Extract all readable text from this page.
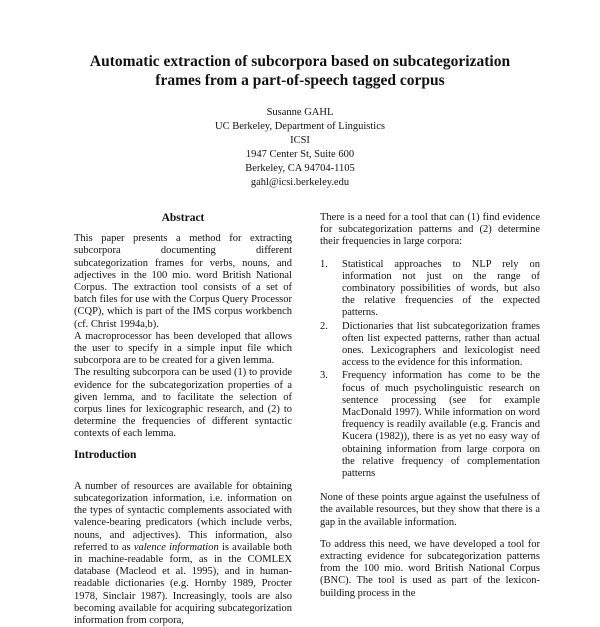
Automatic extraction of subcorpora based on subcategorization
frames from a part-of-speech tagged corpus
Susanne GAHL
UC Berkeley, Department of Linguistics
ICSI
1947 Center St, Suite 600
Berkeley, CA 94704-1105
gahl@icsi.berkeley.edu
Abstract

This paper presents a method for extracting subcorpora documenting different subcategorization frames for verbs, nouns, and adjectives in the 100 mio. word British National Corpus. The extraction tool consists of a set of batch files for use with the Corpus Query Processor (CQP), which is part of the IMS corpus workbench (cf. Christ 1994a,b).

A macroprocessor has been developed that allows the user to specify in a simple input file which subcorpora are to be created for a given lemma.

The resulting subcorpora can be used (1) to provide evidence for the subcategorization properties of a given lemma, and to facilitate the selection of corpus lines for lexicographic research, and (2) to determine the frequencies of different syntactic contexts of each lemma.

Introduction

A number of resources are available for obtaining subcategorization information, i.e. information on the types of syntactic complements associated with valence-bearing predicators (which include verbs, nouns, and adjectives). This information, also referred to as valence information is available both in machine-readable form, as in the COMLEX database (Macleod et al. 1995), and in human-readable dictionaries (e.g. Hornby 1989, Procter 1978, Sinclair 1987). Increasingly, tools are also becoming available for acquiring subcategorization information from corpora,

There is a need for a tool that can (1) find evidence for subcategorization patterns and (2) determine their frequencies in large corpora:

1. Statistical approaches to NLP rely on information not just on the range of combinatory possibilities of words, but also the relative frequencies of the expected patterns.
2. Dictionaries that list subcategorization frames often list expected patterns, rather than actual ones. Lexicographers and lexicologist need access to the evidence for this information.
3. Frequency information has come to be the focus of much psycholinguistic research on sentence processing (see for example MacDonald 1997). While information on word frequency is readily available (e.g. Francis and Kucera (1982)), there is as yet no easy way of obtaining information from large corpora on the relative frequency of complementation patterns

None of these points argue against the usefulness of the available resources, but they show that there is a gap in the available information.

To address this need, we have developed a tool for extracting evidence for subcategorization patterns from the 100 mio. word British National Corpus (BNC). The tool is used as part of the lexicon-building process in the
